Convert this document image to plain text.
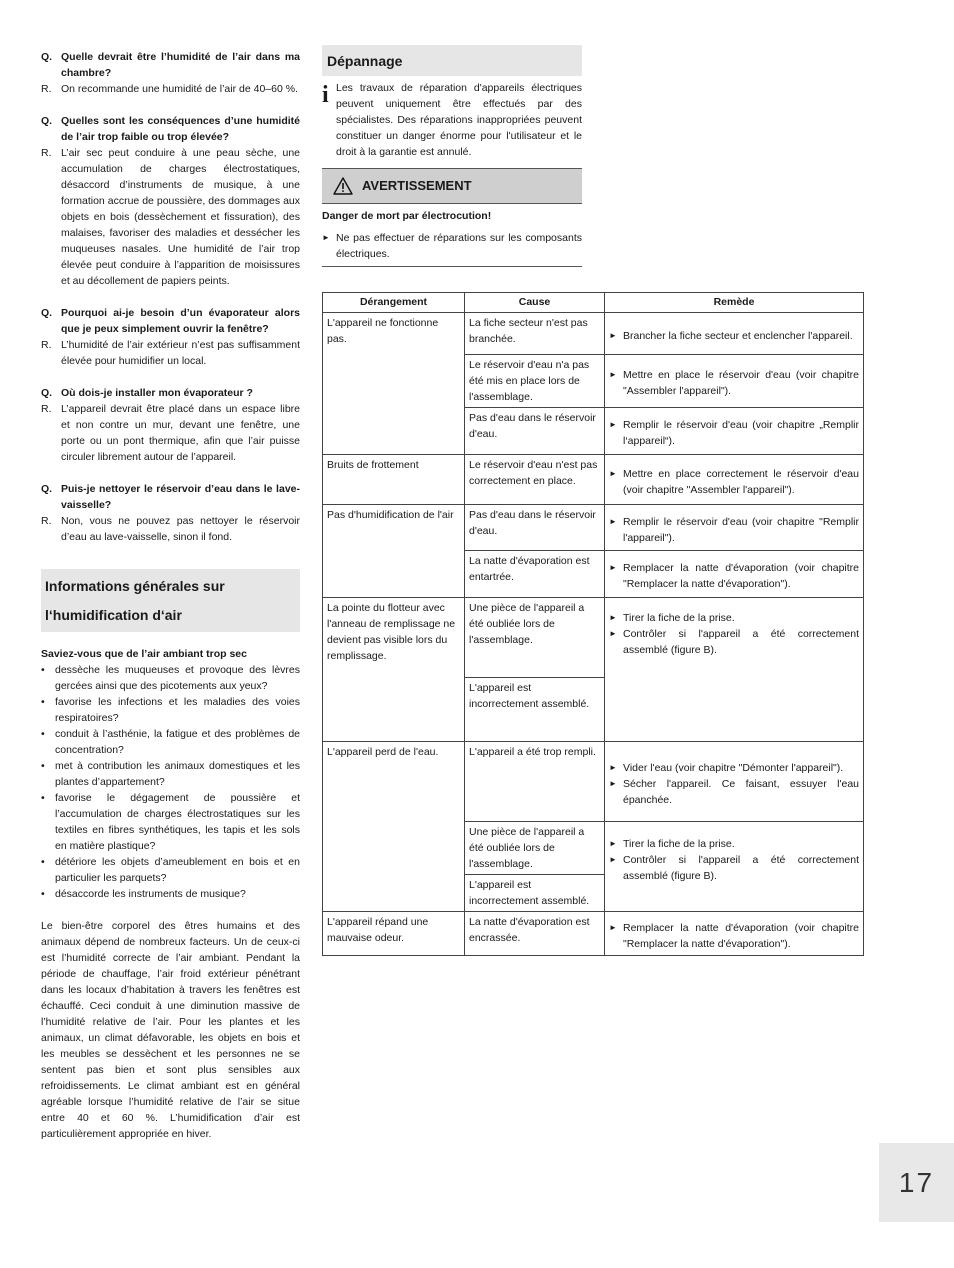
Q. Quelle devrait être l’humidité de l’air dans ma chambre?
R. On recommande une humidité de l’air de 40–60 %.
Q. Quelles sont les conséquences d’une humidité de l’air trop faible ou trop élevée?
R. L’air sec peut conduire à une peau sèche, une accumulation de charges électrostatiques, désaccord d’instruments de musique, à une formation accrue de poussière, des dommages aux objets en bois (dessèchement et fissuration), des malaises, favoriser des maladies et dessécher les muqueuses nasales. Une humidité de l’air trop élevée peut conduire à l’apparition de moisissures et au décollement de papiers peints.
Q. Pourquoi ai-je besoin d’un évaporateur alors que je peux simplement ouvrir la fenêtre?
R. L’humidité de l’air extérieur n’est pas suffisamment élevée pour humidifier un local.
Q. Où dois-je installer mon évaporateur ?
R. L’appareil devrait être placé dans un espace libre et non contre un mur, devant une fenêtre, une porte ou un pont thermique, afin que l’air puisse circuler librement autour de l’appareil.
Q. Puis-je nettoyer le réservoir d’eau dans le lave-vaisselle?
R. Non, vous ne pouvez pas nettoyer le réservoir d’eau au lave-vaisselle, sinon il fond.
Informations générales sur l‘humidification d‘air
Saviez-vous que de l’air ambiant trop sec
• dessèche les muqueuses et provoque des lèvres gercées ainsi que des picotements aux yeux?
• favorise les infections et les maladies des voies respiratoires?
• conduit à l’asthénie, la fatigue et des problèmes de concentration?
• met à contribution les animaux domestiques et les plantes d’appartement?
• favorise le dégagement de poussière et l’accumulation de charges électrostatiques sur les textiles en fibres synthétiques, les tapis et les sols en matière plastique?
• détériore les objets d’ameublement en bois et en particulier les parquets?
• désaccorde les instruments de musique?

Le bien-être corporel des êtres humains et des animaux dépend de nombreux facteurs. Un de ceux-ci est l’humidité correcte de l’air ambiant. Pendant la période de chauffage, l’air froid extérieur pénétrant dans les locaux d’habitation à travers les fenêtres est échauffé. Ceci conduit à une diminution massive de l’humidité relative de l’air. Pour les plantes et les animaux, un climat défavorable, les objets en bois et les meubles se dessèchent et les personnes ne se sentent pas bien et sont plus sensibles aux refroidissements. Le climat ambiant est en général agréable lorsque l’humidité relative de l’air se situe entre 40 et 60 %. L’humidification d’air est particulièrement appropriée en hiver.

Dépannage
i Les travaux de réparation d'appareils électriques peuvent uniquement être effectués par des spécialistes. Des réparations inappropriées peuvent constituer un danger énorme pour l'utilisateur et le droit à la garantie est annulé.
AVERTISSEMENT
Danger de mort par électrocution!
► Ne pas effectuer de réparations sur les composants électriques.
Dérangement	Cause	Remède
L'appareil ne fonctionne pas.	La fiche secteur n'est pas branchée.	► Brancher la fiche secteur et enclencher l'appareil.

	Le réservoir d'eau n'a pas été mis en place lors de l'assemblage.	► Mettre en place le réservoir d'eau (voir chapitre "Assembler l'appareil").

	Pas d'eau dans le réservoir d'eau.	► Remplir le réservoir d'eau (voir chapitre „Remplir l‘appareil“).

Bruits de frottement	Le réservoir d'eau n'est pas correctement en place.	► Mettre en place correctement le réservoir d'eau (voir chapitre "Assembler l'appareil").

Pas d'humidification de l'air	Pas d'eau dans le réservoir d'eau.	► Remplir le réservoir d'eau (voir chapitre "Remplir l'appareil").

	La natte d'évaporation est entartrée.	► Remplacer la natte d'évaporation (voir chapitre "Remplacer la natte d'évaporation").

La pointe du flotteur avec l'anneau de remplissage ne devient pas visible lors du remplissage.	Une pièce de l'appareil a été oubliée lors de l'assemblage.	► Tirer la fiche de la prise.
► Contrôler si l'appareil a été correctement assemblé (figure B).

	L'appareil est incorrectement assemblé.	
L'appareil perd de l'eau.	L'appareil a été trop rempli.	► Vider l'eau (voir chapitre "Démonter l'appareil").
► Sécher l'appareil. Ce faisant, essuyer l'eau épanchée.

	Une pièce de l'appareil a été oubliée lors de l'assemblage.	► Tirer la fiche de la prise.
► Contrôler si l'appareil a été correctement assemblé (figure B).

	L'appareil est incorrectement assemblé.	
L'appareil répand une mauvaise odeur.	La natte d'évaporation est encrassée.	► Remplacer la natte d'évaporation (voir chapitre "Remplacer la natte d'évaporation").
17
